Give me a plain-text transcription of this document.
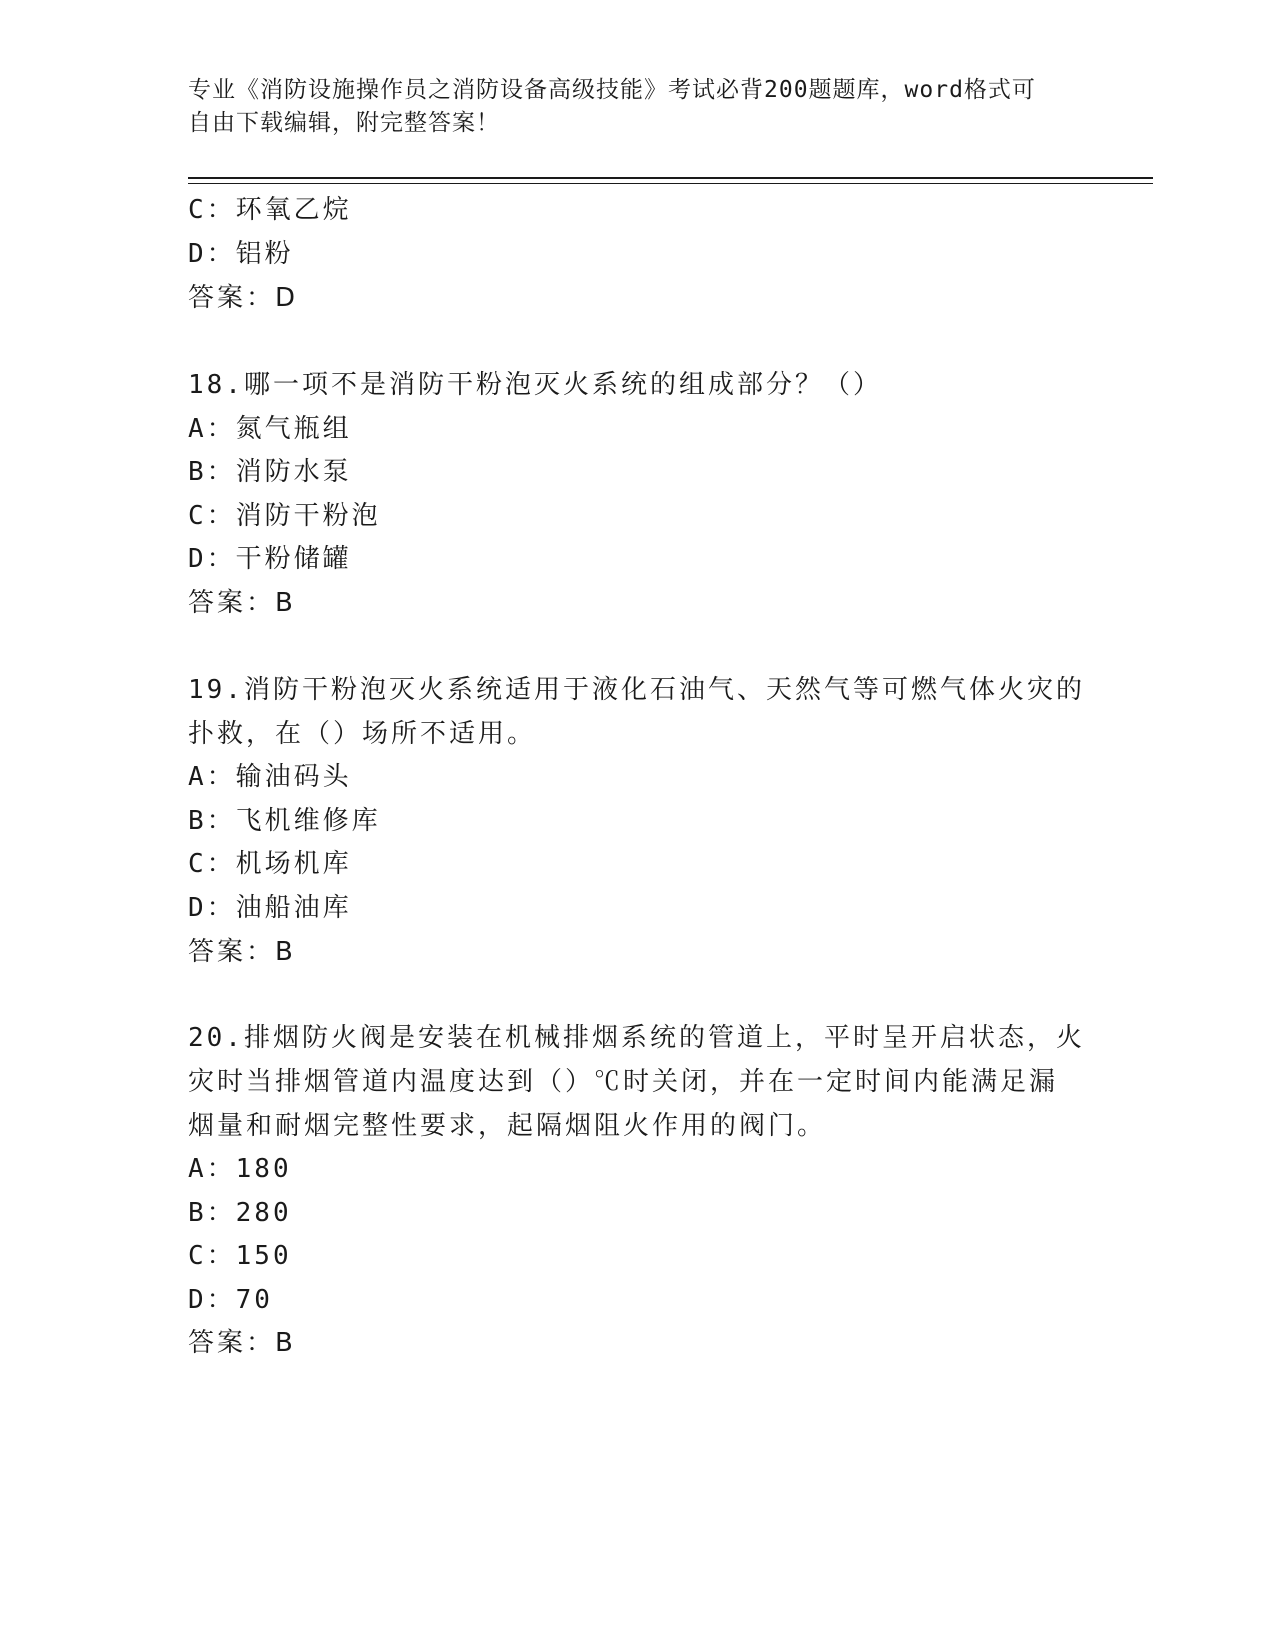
专业《消防设施操作员之消防设备高级技能》考试必背200题题库，word格式可
自由下载编辑，附完整答案！
C：环氧乙烷
D：铝粉
答案：D
18.哪一项不是消防干粉泡灭火系统的组成部分？（）
A：氮气瓶组
B：消防水泵
C：消防干粉泡
D：干粉储罐
答案：B
19.消防干粉泡灭火系统适用于液化石油气、天然气等可燃气体火灾的
扑救，在（）场所不适用。
A：输油码头
B：飞机维修库
C：机场机库
D：油船油库
答案：B
20.排烟防火阀是安装在机械排烟系统的管道上，平时呈开启状态，火
灾时当排烟管道内温度达到（）℃时关闭，并在一定时间内能满足漏
烟量和耐烟完整性要求，起隔烟阻火作用的阀门。
A：180
B：280
C：150
D：70
答案：B
